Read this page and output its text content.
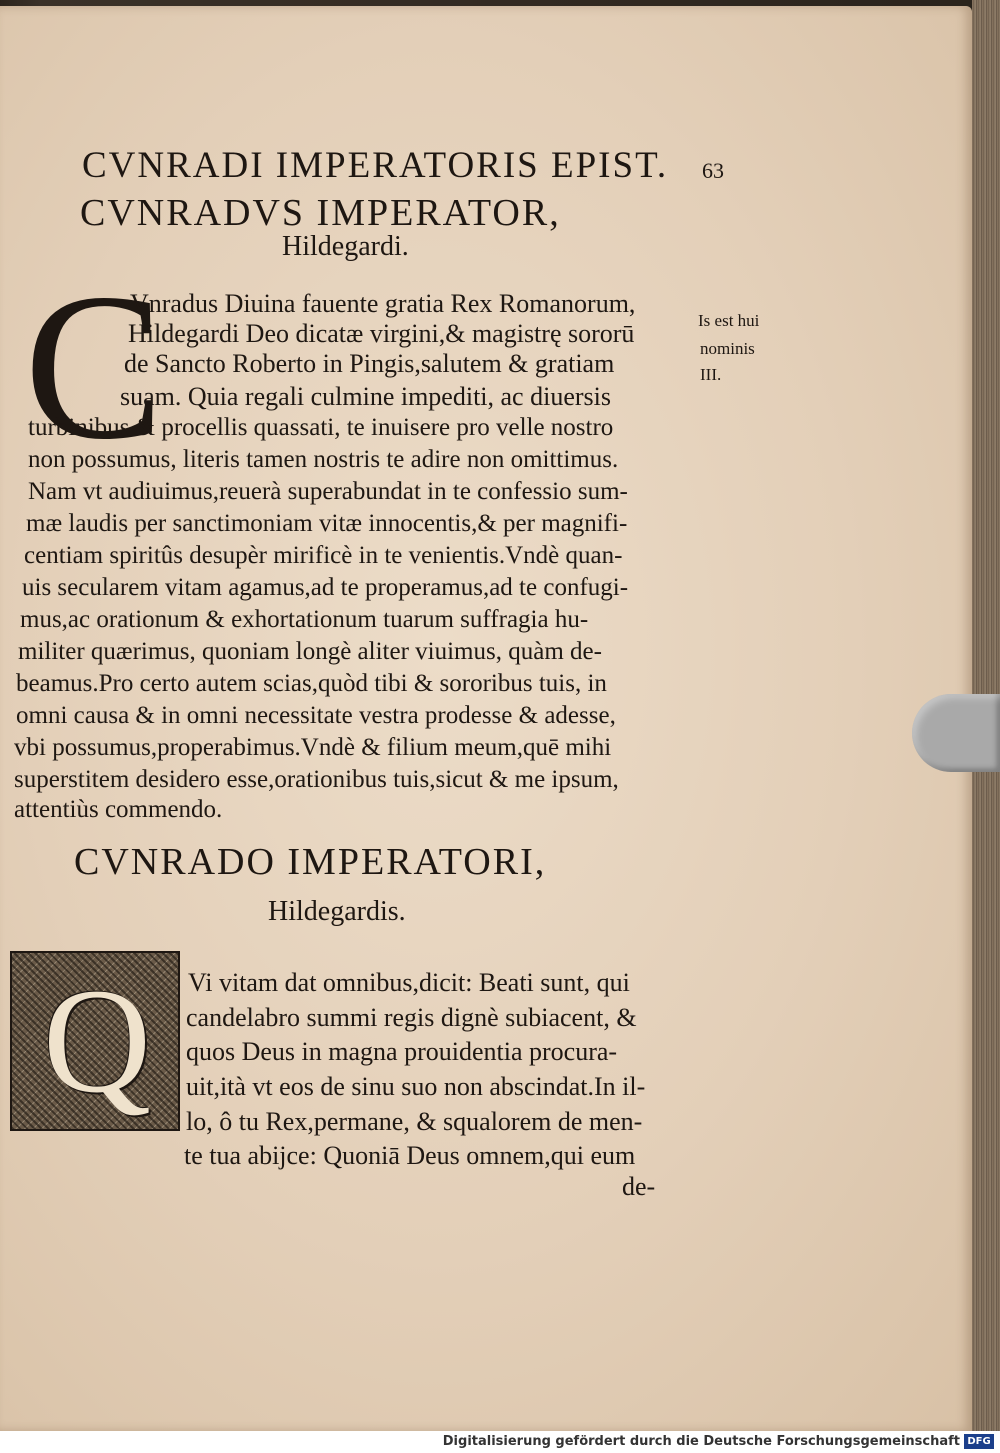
CVNRADI IMPERATORIS EPIST. 63
CVNRADVS IMPERATOR,
Hildegardi.
C
Vnradus Diuina fauente gratia Rex Romanorum,
Hildegardi Deo dicatæ virgini,& magistrę sororū
de Sancto Roberto in Pingis,salutem & gratiam
suam. Quia regali culmine impediti, ac diuersis
turbinibus & procellis quassati, te inuisere pro velle nostro
non possumus, literis tamen nostris te adire non omittimus.
Nam vt audiuimus,reuerà superabundat in te confessio sum-
mæ laudis per sanctimoniam vitæ innocentis,& per magnifi-
centiam spiritûs desupèr mirificè in te venientis.Vndè quan-
uis secularem vitam agamus,ad te properamus,ad te confugi-
mus,ac orationum & exhortationum tuarum suffragia hu-
militer quærimus, quoniam longè aliter viuimus, quàm de-
beamus.Pro certo autem scias,quòd tibi & sororibus tuis, in
omni causa & in omni necessitate vestra prodesse & adesse,
vbi possumus,properabimus.Vndè & filium meum,quē mihi
superstitem desidero esse,orationibus tuis,sicut & me ipsum,
attentiùs commendo.
Is est hui
nominis
III.
CVNRADO IMPERATORI,
Hildegardis.
Q	Vi vitam dat omnibus,dicit: Beati sunt, qui
candelabro summi regis dignè subiacent, &
quos Deus in magna prouidentia procura-
uit,ità vt eos de sinu suo non abscindat.In il-
lo, ô tu Rex,permane, & squalorem de men-
te tua abijce: Quoniā Deus omnem,qui eum
de-
Digitalisierung gefördert durch die Deutsche Forschungsgemeinschaft DFG
